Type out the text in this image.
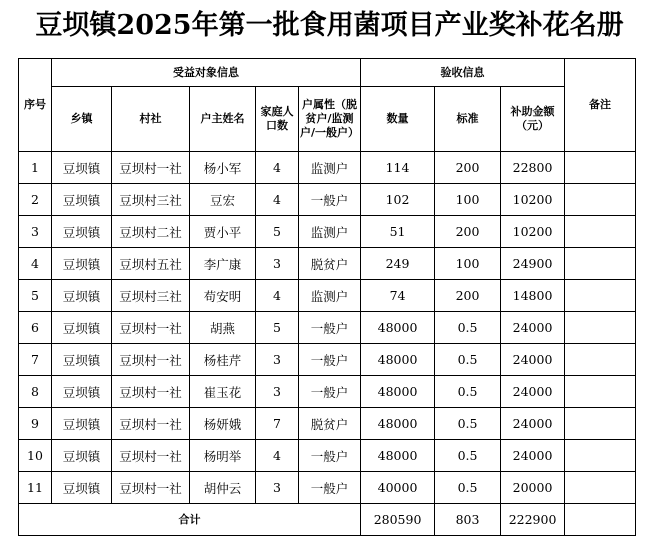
豆坝镇2025年第一批食用菌项目产业奖补花名册
序号	受益对象信息					验收信息			备注
	乡镇	村社	户主姓名	家庭人口数	户属性（脱贫户/监测户/一般户）	数量	标准	补助金额（元）	
1	豆坝镇	豆坝村一社	杨小军	4	监测户	114	200	22800	
2	豆坝镇	豆坝村三社	豆宏	4	一般户	102	100	10200	
3	豆坝镇	豆坝村二社	贾小平	5	监测户	51	200	10200	
4	豆坝镇	豆坝村五社	李广康	3	脱贫户	249	100	24900	
5	豆坝镇	豆坝村三社	苟安明	4	监测户	74	200	14800	
6	豆坝镇	豆坝村一社	胡燕	5	一般户	48000	0.5	24000	
7	豆坝镇	豆坝村一社	杨桂芹	3	一般户	48000	0.5	24000	
8	豆坝镇	豆坝村一社	崔玉花	3	一般户	48000	0.5	24000	
9	豆坝镇	豆坝村一社	杨妍娥	7	脱贫户	48000	0.5	24000	
10	豆坝镇	豆坝村一社	杨明举	4	一般户	48000	0.5	24000	
11	豆坝镇	豆坝村一社	胡仲云	3	一般户	40000	0.5	20000	
合计						280590	803	222900	
